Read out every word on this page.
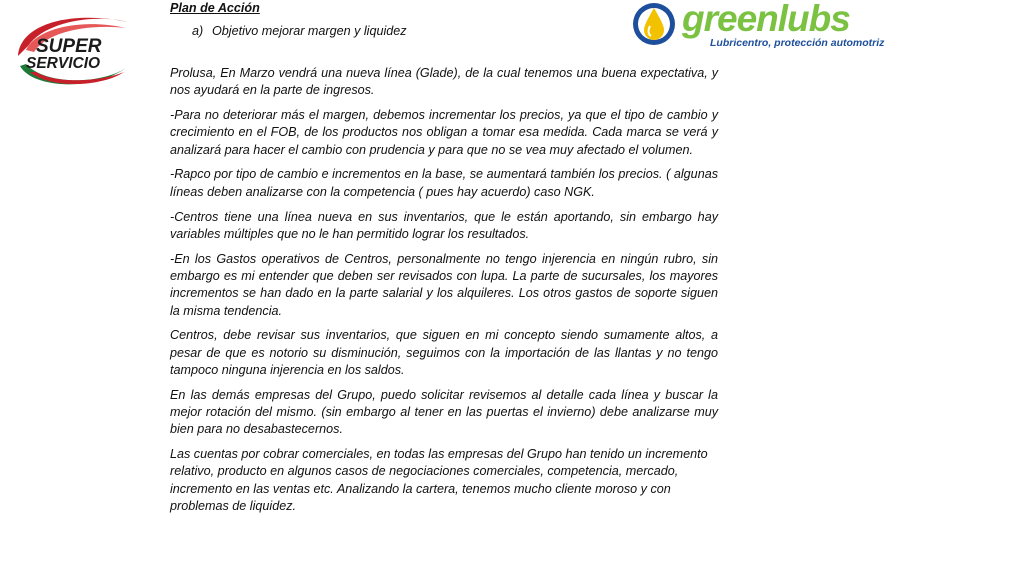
SUPER
SERVICIO
greenlubs
Lubricentro, protección automotriz

Plan de Acción

a) Objetivo mejorar margen y liquidez

Prolusa, En Marzo vendrá una nueva línea (Glade), de la cual tenemos una buena expectativa, y nos ayudará en la parte de ingresos.

-Para no deteriorar más el margen, debemos incrementar los precios, ya que el tipo de cambio y crecimiento en el FOB, de los productos nos obligan a tomar esa medida. Cada marca se verá y analizará para hacer el cambio con prudencia y para que no se vea muy afectado el volumen.

-Rapco por tipo de cambio e incrementos en la base, se aumentará también los precios. ( algunas líneas deben analizarse con la competencia ( pues hay acuerdo) caso NGK.

-Centros tiene una línea nueva en sus inventarios, que le están aportando, sin embargo hay variables múltiples que no le han permitido lograr los resultados.

-En los Gastos operativos de Centros, personalmente no tengo injerencia en ningún rubro, sin embargo es mi entender que deben ser revisados con lupa. La parte de sucursales, los mayores incrementos se han dado en la parte salarial y los alquileres. Los otros gastos de soporte siguen la misma tendencia.

Centros, debe revisar sus inventarios, que siguen en mi concepto siendo sumamente altos, a pesar de que es notorio su disminución, seguimos con la importación de las llantas y no tengo tampoco ninguna injerencia en los saldos.

En las demás empresas del Grupo, puedo solicitar revisemos al detalle cada línea y buscar la mejor rotación del mismo. (sin embargo al tener en las puertas el invierno) debe analizarse muy bien para no desabastecernos.

Las cuentas por cobrar comerciales, en todas las empresas del Grupo han tenido un incremento relativo, producto en algunos casos de negociaciones comerciales, competencia, mercado, incremento en las ventas etc. Analizando la cartera, tenemos mucho cliente moroso y con problemas de liquidez.
